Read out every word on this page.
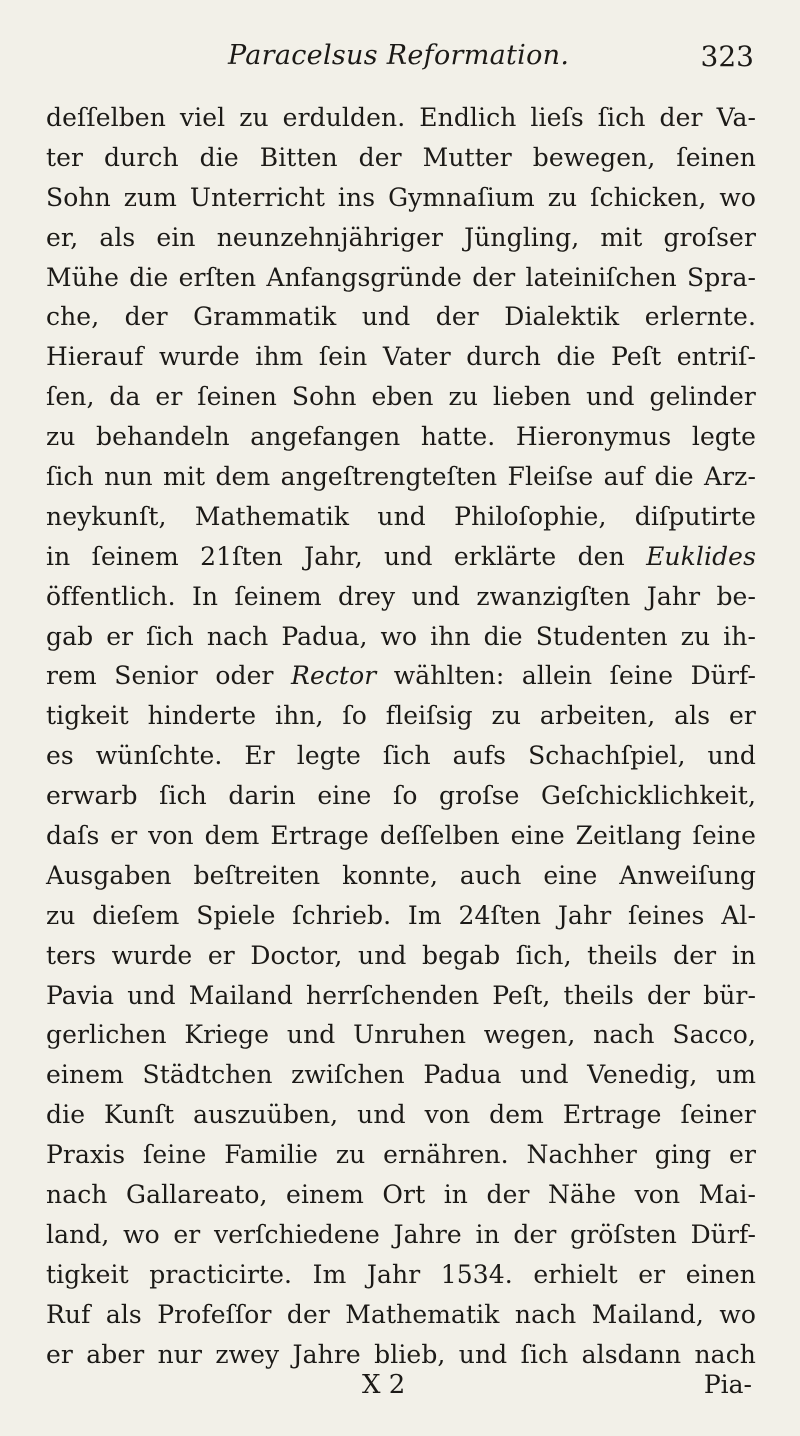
Paracelsus Reformation.	323
deſſelben viel zu erdulden. Endlich lieſs ſich der Va-
ter durch die Bitten der Mutter bewegen, ſeinen
Sohn zum Unterricht ins Gymnaſium zu ſchicken, wo
er, als ein neunzehnjähriger Jüngling, mit groſser
Mühe die erſten Anfangsgründe der lateiniſchen Spra-
che, der Grammatik und der Dialektik erlernte.
Hierauf wurde ihm ſein Vater durch die Peſt entriſ-
ſen, da er ſeinen Sohn eben zu lieben und gelinder
zu behandeln angefangen hatte. Hieronymus legte
ſich nun mit dem angeſtrengteſten Fleiſse auf die Arz-
neykunſt, Mathematik und Philoſophie, diſputirte
in ſeinem 21ſten Jahr, und erklärte den Euklides
öffentlich. In ſeinem drey und zwanzigſten Jahr be-
gab er ſich nach Padua, wo ihn die Studenten zu ih-
rem Senior oder Rector wählten: allein ſeine Dürf-
tigkeit hinderte ihn, ſo fleiſsig zu arbeiten, als er
es wünſchte. Er legte ſich aufs Schachſpiel, und
erwarb ſich darin eine ſo groſse Geſchicklichkeit,
daſs er von dem Ertrage deſſelben eine Zeitlang ſeine
Ausgaben beſtreiten konnte, auch eine Anweiſung
zu dieſem Spiele ſchrieb. Im 24ſten Jahr ſeines Al-
ters wurde er Doctor, und begab ſich, theils der in
Pavia und Mailand herrſchenden Peſt, theils der bür-
gerlichen Kriege und Unruhen wegen, nach Sacco,
einem Städtchen zwiſchen Padua und Venedig, um
die Kunſt auszuüben, und von dem Ertrage ſeiner
Praxis ſeine Familie zu ernähren. Nachher ging er
nach Gallareato, einem Ort in der Nähe von Mai-
land, wo er verſchiedene Jahre in der gröſsten Dürf-
tigkeit practicirte. Im Jahr 1534. erhielt er einen
Ruf als Profeſſor der Mathematik nach Mailand, wo
er aber nur zwey Jahre blieb, und ſich alsdann nach
X 2	Pia-
